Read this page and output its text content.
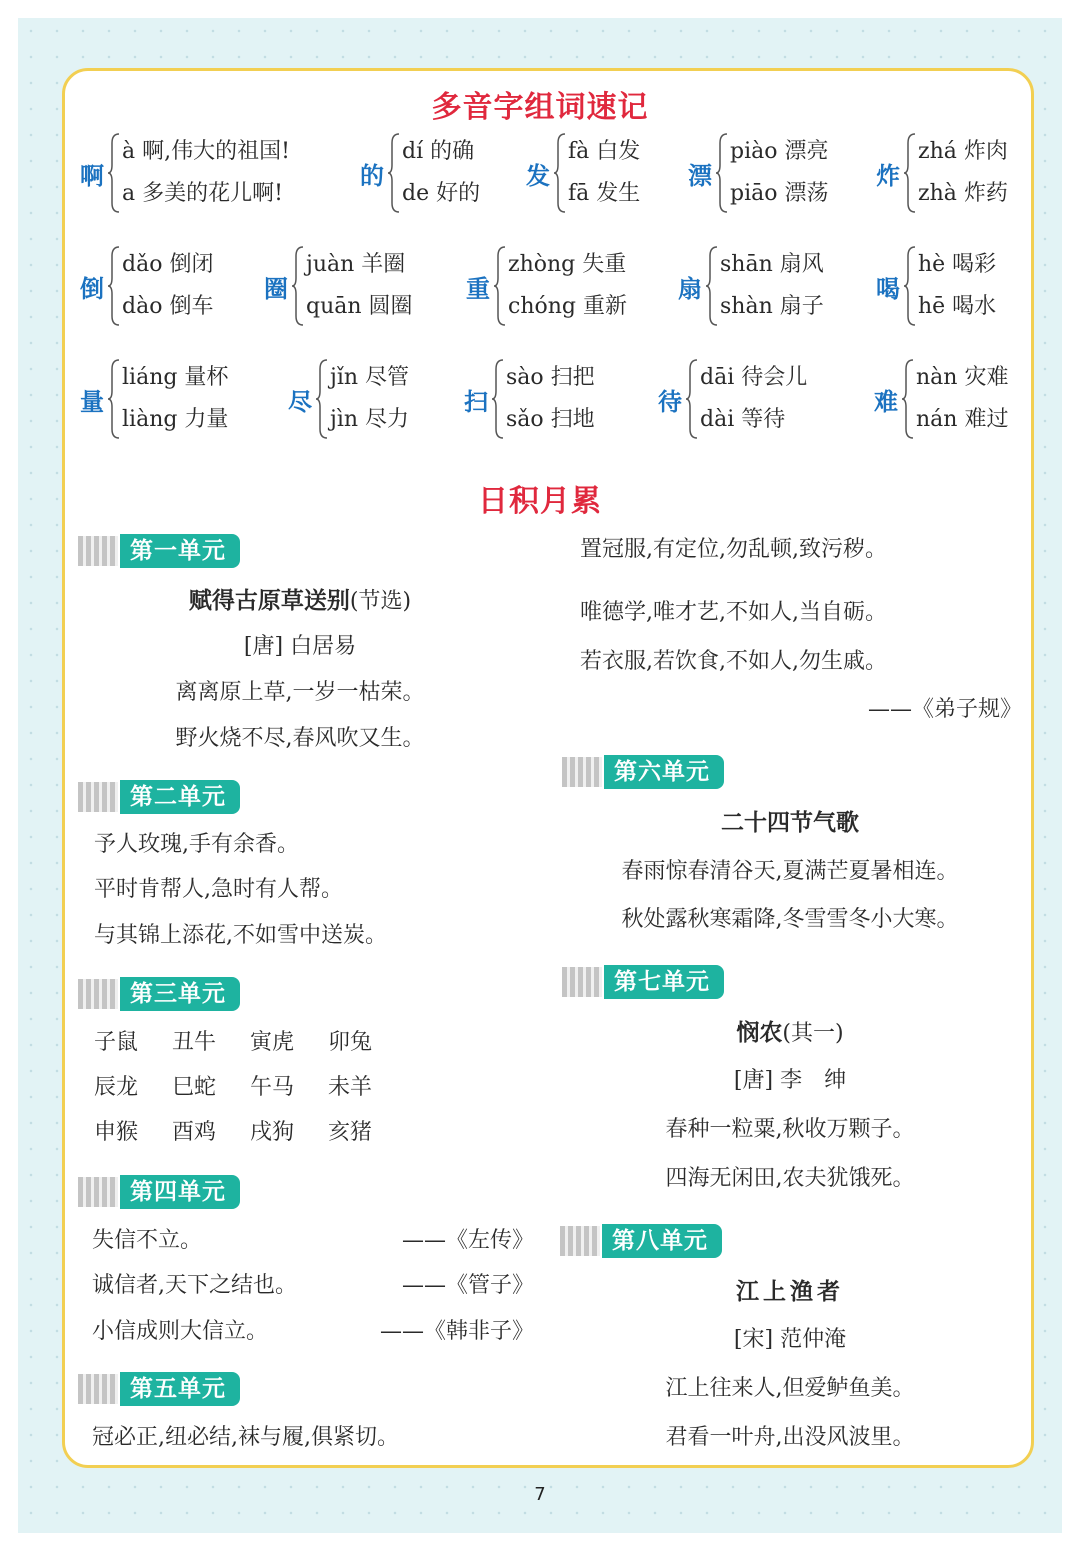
多音字组词速记
啊
à 啊,伟大的祖国!
a 多美的花儿啊!
的
dí 的确
de 好的
发
fà 白发
fā 发生
漂
piào 漂亮
piāo 漂荡
炸
zhá 炸肉
zhà 炸药
倒
dǎo 倒闭
dào 倒车
圈
juàn 羊圈
quān 圆圈
重
zhòng 失重
chóng 重新
扇
shān 扇风
shàn 扇子
喝
hè 喝彩
hē 喝水
量
liáng 量杯
liàng 力量
尽
jǐn 尽管
jìn 尽力
扫
sào 扫把
sǎo 扫地
待
dāi 待会儿
dài 等待
难
nàn 灾难
nán 难过
日积月累
第一单元
赋得古原草送别(节选)
[唐] 白居易
离离原上草,一岁一枯荣。
野火烧不尽,春风吹又生。
第二单元
予人玫瑰,手有余香。
平时肯帮人,急时有人帮。
与其锦上添花,不如雪中送炭。
第三单元
子鼠 丑牛 寅虎 卯兔
辰龙 巳蛇 午马 未羊
申猴 酉鸡 戌狗 亥猪
第四单元
失信不立。	——《左传》
诚信者,天下之结也。	——《管子》
小信成则大信立。	——《韩非子》
第五单元
冠必正,纽必结,袜与履,俱紧切。
置冠服,有定位,勿乱顿,致污秽。
唯德学,唯才艺,不如人,当自砺。
若衣服,若饮食,不如人,勿生戚。
——《弟子规》
第六单元
二十四节气歌
春雨惊春清谷天,夏满芒夏暑相连。
秋处露秋寒霜降,冬雪雪冬小大寒。
第七单元
悯农(其一)
[唐] 李　绅
春种一粒粟,秋收万颗子。
四海无闲田,农夫犹饿死。
第八单元
江上渔者
[宋] 范仲淹
江上往来人,但爱鲈鱼美。
君看一叶舟,出没风波里。
7
